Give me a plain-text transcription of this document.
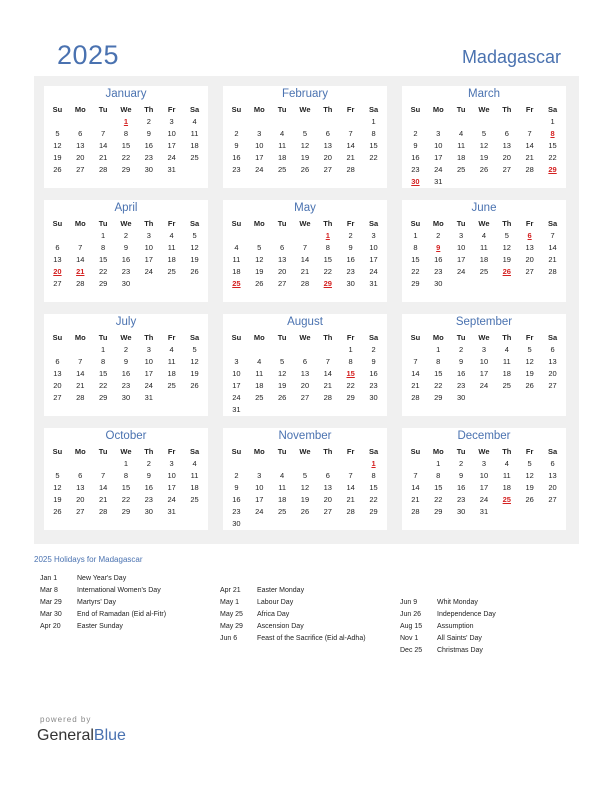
2025	Madagascar
January
Su	Mo	Tu	We	Th	Fr	Sa
			1	2	3	4
5	6	7	8	9	10	11
12	13	14	15	16	17	18
19	20	21	22	23	24	25
26	27	28	29	30	31	
February
Su	Mo	Tu	We	Th	Fr	Sa
						1
2	3	4	5	6	7	8
9	10	11	12	13	14	15
16	17	18	19	20	21	22
23	24	25	26	27	28	
March
Su	Mo	Tu	We	Th	Fr	Sa
						1
2	3	4	5	6	7	8
9	10	11	12	13	14	15
16	17	18	19	20	21	22
23	24	25	26	27	28	29
30	31					
April
Su	Mo	Tu	We	Th	Fr	Sa
		1	2	3	4	5
6	7	8	9	10	11	12
13	14	15	16	17	18	19
20	21	22	23	24	25	26
27	28	29	30			
May
Su	Mo	Tu	We	Th	Fr	Sa
				1	2	3
4	5	6	7	8	9	10
11	12	13	14	15	16	17
18	19	20	21	22	23	24
25	26	27	28	29	30	31
June
Su	Mo	Tu	We	Th	Fr	Sa
1	2	3	4	5	6	7
8	9	10	11	12	13	14
15	16	17	18	19	20	21
22	23	24	25	26	27	28
29	30					
July
Su	Mo	Tu	We	Th	Fr	Sa
		1	2	3	4	5
6	7	8	9	10	11	12
13	14	15	16	17	18	19
20	21	22	23	24	25	26
27	28	29	30	31		
August
Su	Mo	Tu	We	Th	Fr	Sa
					1	2
3	4	5	6	7	8	9
10	11	12	13	14	15	16
17	18	19	20	21	22	23
24	25	26	27	28	29	30
31						
September
Su	Mo	Tu	We	Th	Fr	Sa
	1	2	3	4	5	6
7	8	9	10	11	12	13
14	15	16	17	18	19	20
21	22	23	24	25	26	27
28	29	30				
October
Su	Mo	Tu	We	Th	Fr	Sa
			1	2	3	4
5	6	7	8	9	10	11
12	13	14	15	16	17	18
19	20	21	22	23	24	25
26	27	28	29	30	31	
November
Su	Mo	Tu	We	Th	Fr	Sa
						1
2	3	4	5	6	7	8
9	10	11	12	13	14	15
16	17	18	19	20	21	22
23	24	25	26	27	28	29
30						
December
Su	Mo	Tu	We	Th	Fr	Sa
	1	2	3	4	5	6
7	8	9	10	11	12	13
14	15	16	17	18	19	20
21	22	23	24	25	26	27
28	29	30	31			
2025 Holidays for Madagascar
Jan 1	New Year's Day
Mar 8	International Women's Day
Mar 29 Martyrs' Day
Mar 30 End of Ramadan (Eid al-Fitr)
Apr 20 Easter Sunday
Apr 21 Easter Monday
May 1	Labour Day
May 25 Africa Day
May 29 Ascension Day
Jun 6	Feast of the Sacrifice (Eid al-Adha)
Jun 9	Whit Monday
Jun 26 Independence Day
Aug 15 Assumption
Nov 1	All Saints' Day
Dec 25 Christmas Day
powered by
GeneralBlue
